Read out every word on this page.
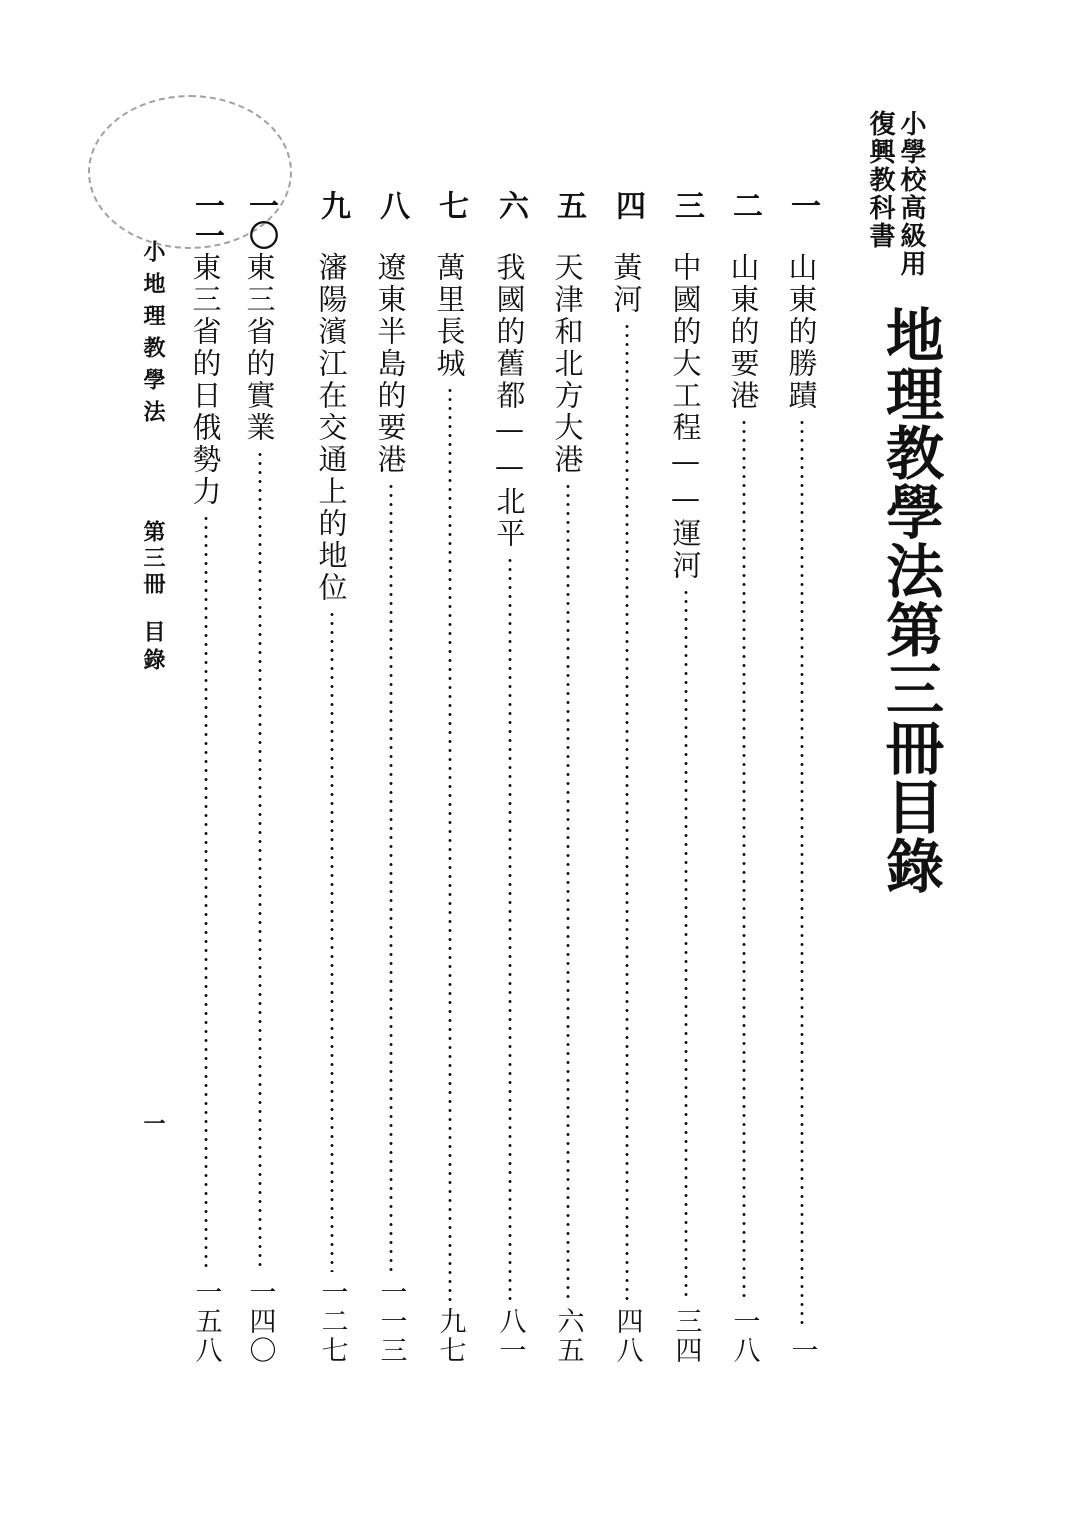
小學校高級用
復興教科書
地理教學法第三冊目錄
一
山東的勝蹟
一
二
山東的要港
一八
三
中國的大工程——運河
三四
四
黃河
四八
五
天津和北方大港
六五
六
我國的舊都——北平
八一
七
萬里長城
九七
八
遼東半島的要港
一一三
九
瀋陽濱江在交通上的地位
一二七
一〇
東三省的實業
一四〇
一一
東三省的日俄勢力
一五八
小地理教學法
第三冊
目錄
一
